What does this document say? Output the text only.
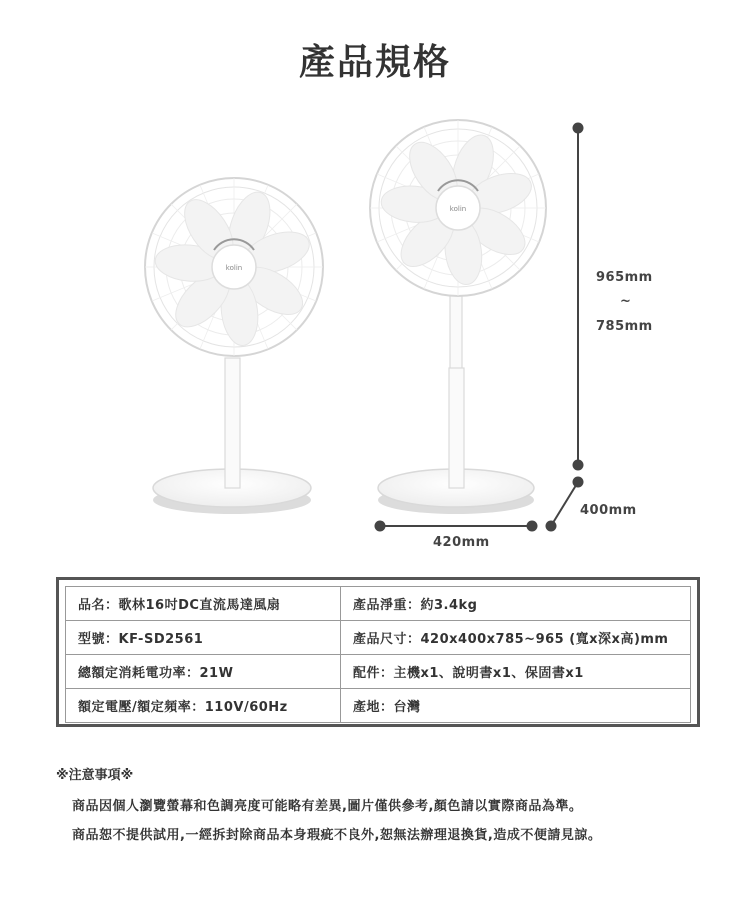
產品規格
kolin
kolin
965mm
~
785mm
400mm
420mm
品名：歌林16吋DC直流馬達風扇	產品淨重：約3.4kg
型號：KF-SD2561	產品尺寸：420x400x785~965 (寬x深x高)mm
總額定消耗電功率：21W	配件：主機x1、說明書x1、保固書x1
額定電壓/額定頻率：110V/60Hz	產地：台灣
※注意事項※
商品因個人瀏覽螢幕和色調亮度可能略有差異,圖片僅供參考,顏色請以實際商品為準。
商品恕不提供試用,一經拆封除商品本身瑕疵不良外,恕無法辦理退換貨,造成不便請見諒。
